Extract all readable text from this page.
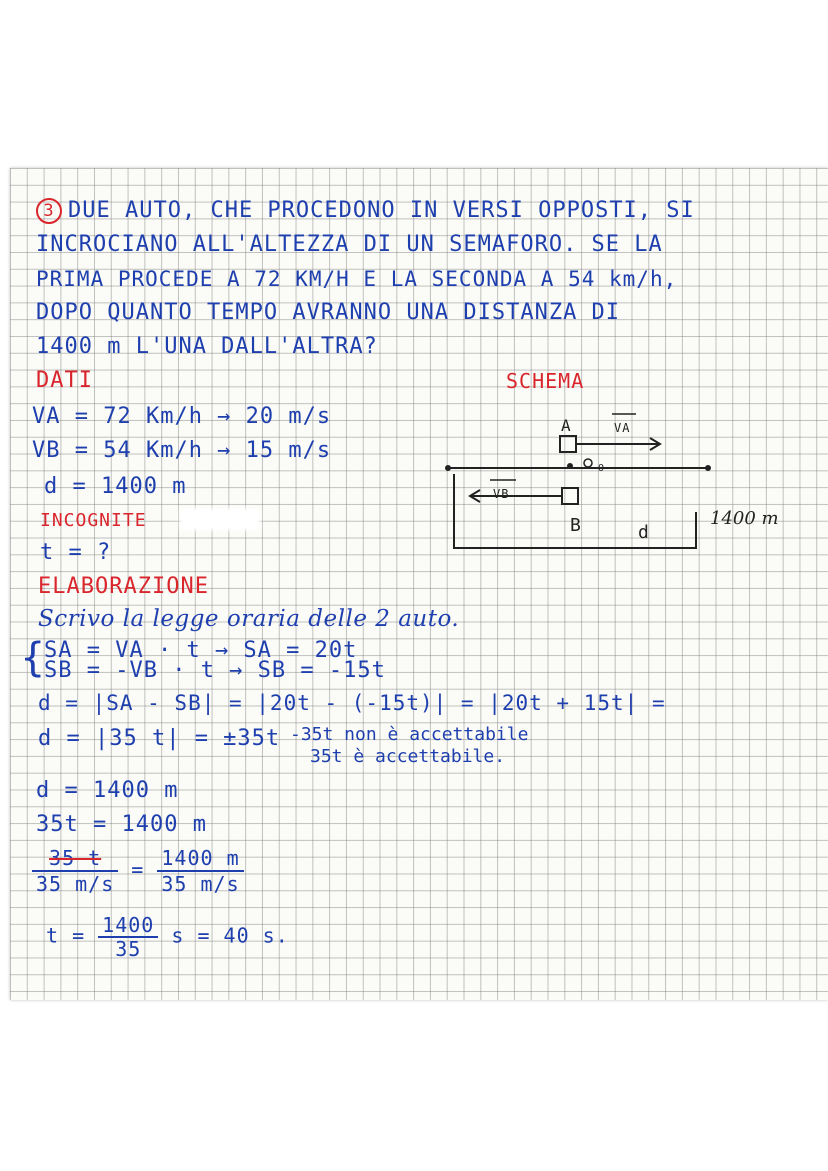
3 DUE AUTO, CHE PROCEDONO IN VERSI OPPOSTI, SI
INCROCIANO ALL'ALTEZZA DI UN SEMAFORO. SE LA
PRIMA PROCEDE A 72 KM/H E LA SECONDA A 54 km/h,
DOPO QUANTO TEMPO AVRANNO UNA DISTANZA DI
1400 m L'UNA DALL'ALTRA?
DATI
VA = 72 Km/h → 20 m/s
VB = 54 Km/h → 15 m/s
d = 1400 m
SCHEMA
A	VA
VB
B	d
1400 m
O
INCOGNITE
t = ?
ELABORAZIONE
Scrivo la legge oraria delle 2 auto.
{
SA = VA · t → SA = 20t
SB = -VB · t → SB = -15t
d = |SA - SB| = |20t - (-15t)| = |20t + 15t| =
d = |35 t| = ±35t -35t non è accettabile
35t è accettabile.
d = 1400 m
35t = 1400 m
$\frac{35 t}{35 m/s} = \frac{1400 m}{35 m/s}$
$t = \frac{1400}{35}$ s = 40 s.
